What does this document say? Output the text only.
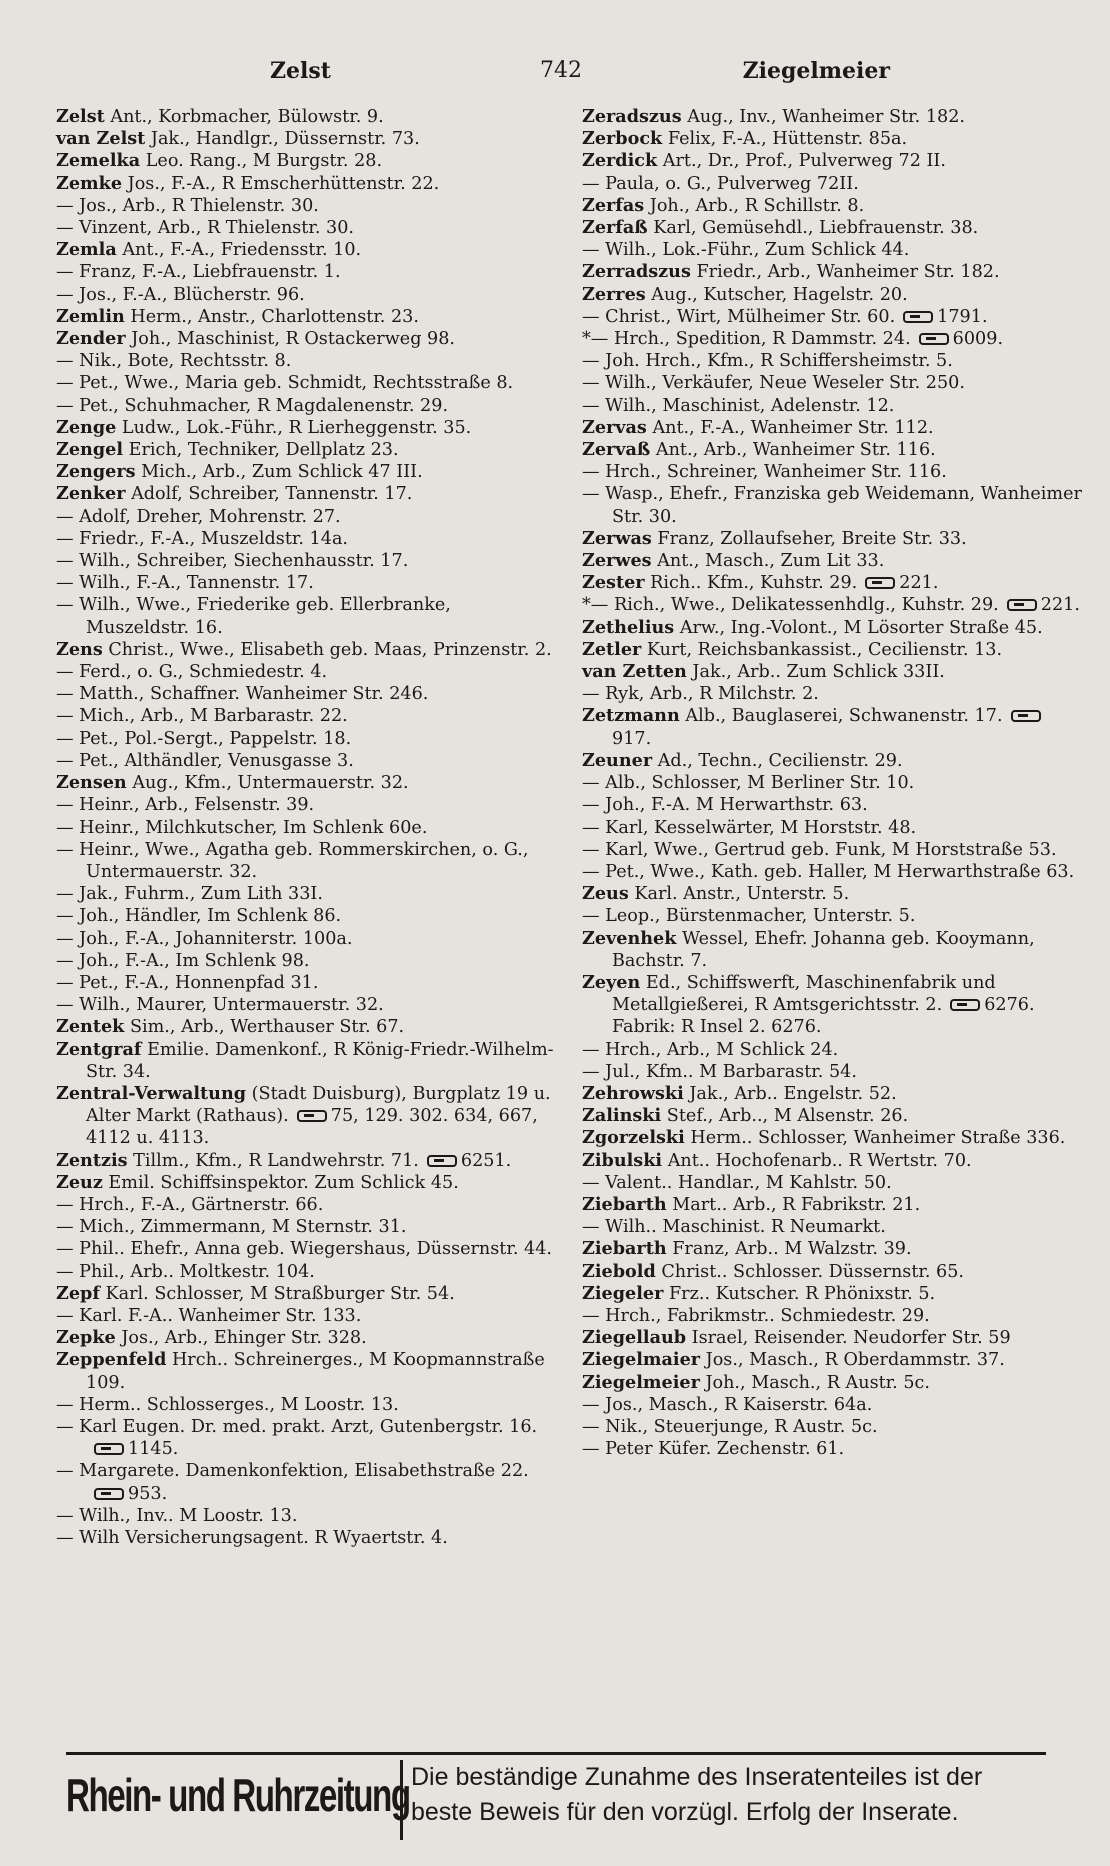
Zelst	742	Ziegelmeier

Zelst Ant., Korbmacher, Bülowstr. 9.

van Zelst Jak., Handlgr., Düssernstr. 73.

Zemelka Leo. Rang., M Burgstr. 28.

Zemke Jos., F.-A., R Emscherhüttenstr. 22.

— Jos., Arb., R Thielenstr. 30.

— Vinzent, Arb., R Thielenstr. 30.

Zemla Ant., F.-A., Friedensstr. 10.

— Franz, F.-A., Liebfrauenstr. 1.

— Jos., F.-A., Blücherstr. 96.

Zemlin Herm., Anstr., Charlottenstr. 23.

Zender Joh., Maschinist, R Ostackerweg 98.

— Nik., Bote, Rechtsstr. 8.

— Pet., Wwe., Maria geb. Schmidt, Rechtsstraße 8.

— Pet., Schuhmacher, R Magdalenenstr. 29.

Zenge Ludw., Lok.-Führ., R Lierheggenstr. 35.

Zengel Erich, Techniker, Dellplatz 23.

Zengers Mich., Arb., Zum Schlick 47 III.

Zenker Adolf, Schreiber, Tannenstr. 17.

— Adolf, Dreher, Mohrenstr. 27.

— Friedr., F.-A., Muszeldstr. 14a.

— Wilh., Schreiber, Siechenhausstr. 17.

— Wilh., F.-A., Tannenstr. 17.

— Wilh., Wwe., Friederike geb. Ellerbranke, Muszeldstr. 16.

Zens Christ., Wwe., Elisabeth geb. Maas, Prinzenstr. 2.

— Ferd., o. G., Schmiedestr. 4.

— Matth., Schaffner. Wanheimer Str. 246.

— Mich., Arb., M Barbarastr. 22.

— Pet., Pol.-Sergt., Pappelstr. 18.

— Pet., Althändler, Venusgasse 3.

Zensen Aug., Kfm., Untermauerstr. 32.

— Heinr., Arb., Felsenstr. 39.

— Heinr., Milchkutscher, Im Schlenk 60e.

— Heinr., Wwe., Agatha geb. Rommerskirchen, o. G., Untermauerstr. 32.

— Jak., Fuhrm., Zum Lith 33I.

— Joh., Händler, Im Schlenk 86.

— Joh., F.-A., Johanniterstr. 100a.

— Joh., F.-A., Im Schlenk 98.

— Pet., F.-A., Honnenpfad 31.

— Wilh., Maurer, Untermauerstr. 32.

Zentek Sim., Arb., Werthauser Str. 67.

Zentgraf Emilie. Damenkonf., R König-Friedr.-Wilhelm-Str. 34.

Zentral-Verwaltung (Stadt Duisburg), Burgplatz 19 u. Alter Markt (Rathaus). 75, 129. 302. 634, 667, 4112 u. 4113.

Zentzis Tillm., Kfm., R Landwehrstr. 71. 6251.

Zeuz Emil. Schiffsinspektor. Zum Schlick 45.

— Hrch., F.-A., Gärtnerstr. 66.

— Mich., Zimmermann, M Sternstr. 31.

— Phil.. Ehefr., Anna geb. Wiegershaus, Düssernstr. 44.

— Phil., Arb.. Moltkestr. 104.

Zepf Karl. Schlosser, M Straßburger Str. 54.

— Karl. F.-A.. Wanheimer Str. 133.

Zepke Jos., Arb., Ehinger Str. 328.

Zeppenfeld Hrch.. Schreinerges., M Koopmannstraße 109.

— Herm.. Schlosserges., M Loostr. 13.

— Karl Eugen. Dr. med. prakt. Arzt, Gutenbergstr. 16.1145.

— Margarete. Damenkonfektion, Elisabethstraße 22.953.

— Wilh., Inv.. M Loostr. 13.

— Wilh Versicherungsagent. R Wyaertstr. 4.

Zeradszus Aug., Inv., Wanheimer Str. 182.

Zerbock Felix, F.-A., Hüttenstr. 85a.

Zerdick Art., Dr., Prof., Pulverweg 72 II.

— Paula, o. G., Pulverweg 72II.

Zerfas Joh., Arb., R Schillstr. 8.

Zerfaß Karl, Gemüsehdl., Liebfrauenstr. 38.

— Wilh., Lok.-Führ., Zum Schlick 44.

Zerradszus Friedr., Arb., Wanheimer Str. 182.

Zerres Aug., Kutscher, Hagelstr. 20.

— Christ., Wirt, Mülheimer Str. 60. 1791.

*— Hrch., Spedition, R Dammstr. 24. 6009.

— Joh. Hrch., Kfm., R Schiffersheimstr. 5.

— Wilh., Verkäufer, Neue Weseler Str. 250.

— Wilh., Maschinist, Adelenstr. 12.

Zervas Ant., F.-A., Wanheimer Str. 112.

Zervaß Ant., Arb., Wanheimer Str. 116.

— Hrch., Schreiner, Wanheimer Str. 116.

— Wasp., Ehefr., Franziska geb Weidemann, Wanheimer Str. 30.

Zerwas Franz, Zollaufseher, Breite Str. 33.

Zerwes Ant., Masch., Zum Lit 33.

Zester Rich.. Kfm., Kuhstr. 29. 221.

*— Rich., Wwe., Delikatessenhdlg., Kuhstr. 29. 221.

Zethelius Arw., Ing.-Volont., M Lösorter Straße 45.

Zetler Kurt, Reichsbankassist., Cecilienstr. 13.

van Zetten Jak., Arb.. Zum Schlick 33II.

— Ryk, Arb., R Milchstr. 2.

Zetzmann Alb., Bauglaserei, Schwanenstr. 17.917.

Zeuner Ad., Techn., Cecilienstr. 29.

— Alb., Schlosser, M Berliner Str. 10.

— Joh., F.-A. M Herwarthstr. 63.

— Karl, Kesselwärter, M Horststr. 48.

— Karl, Wwe., Gertrud geb. Funk, M Horststraße 53.

— Pet., Wwe., Kath. geb. Haller, M Herwarthstraße 63.

Zeus Karl. Anstr., Unterstr. 5.

— Leop., Bürstenmacher, Unterstr. 5.

Zevenhek Wessel, Ehefr. Johanna geb. Kooymann, Bachstr. 7.

Zeyen Ed., Schiffswerft, Maschinenfabrik und Metallgießerei, R Amtsgerichtsstr. 2. 6276. Fabrik: R Insel 2. 6276.

— Hrch., Arb., M Schlick 24.

— Jul., Kfm.. M Barbarastr. 54.

Zehrowski Jak., Arb.. Engelstr. 52.

Zalinski Stef., Arb.., M Alsenstr. 26.

Zgorzelski Herm.. Schlosser, Wanheimer Straße 336.

Zibulski Ant.. Hochofenarb.. R Wertstr. 70.

— Valent.. Handlar., M Kahlstr. 50.

Ziebarth Mart.. Arb., R Fabrikstr. 21.

— Wilh.. Maschinist. R Neumarkt.

Ziebarth Franz, Arb.. M Walzstr. 39.

Ziebold Christ.. Schlosser. Düssernstr. 65.

Ziegeler Frz.. Kutscher. R Phönixstr. 5.

— Hrch., Fabrikmstr.. Schmiedestr. 29.

Ziegellaub Israel, Reisender. Neudorfer Str. 59

Ziegelmaier Jos., Masch., R Oberdammstr. 37.

Ziegelmeier Joh., Masch., R Austr. 5c.

— Jos., Masch., R Kaiserstr. 64a.

— Nik., Steuerjunge, R Austr. 5c.

— Peter Küfer. Zechenstr. 61.

Rhein- und Ruhrzeitung Die beständige Zunahme des Inseratenteiles ist der
beste Beweis für den vorzügl. Erfolg der Inserate.
